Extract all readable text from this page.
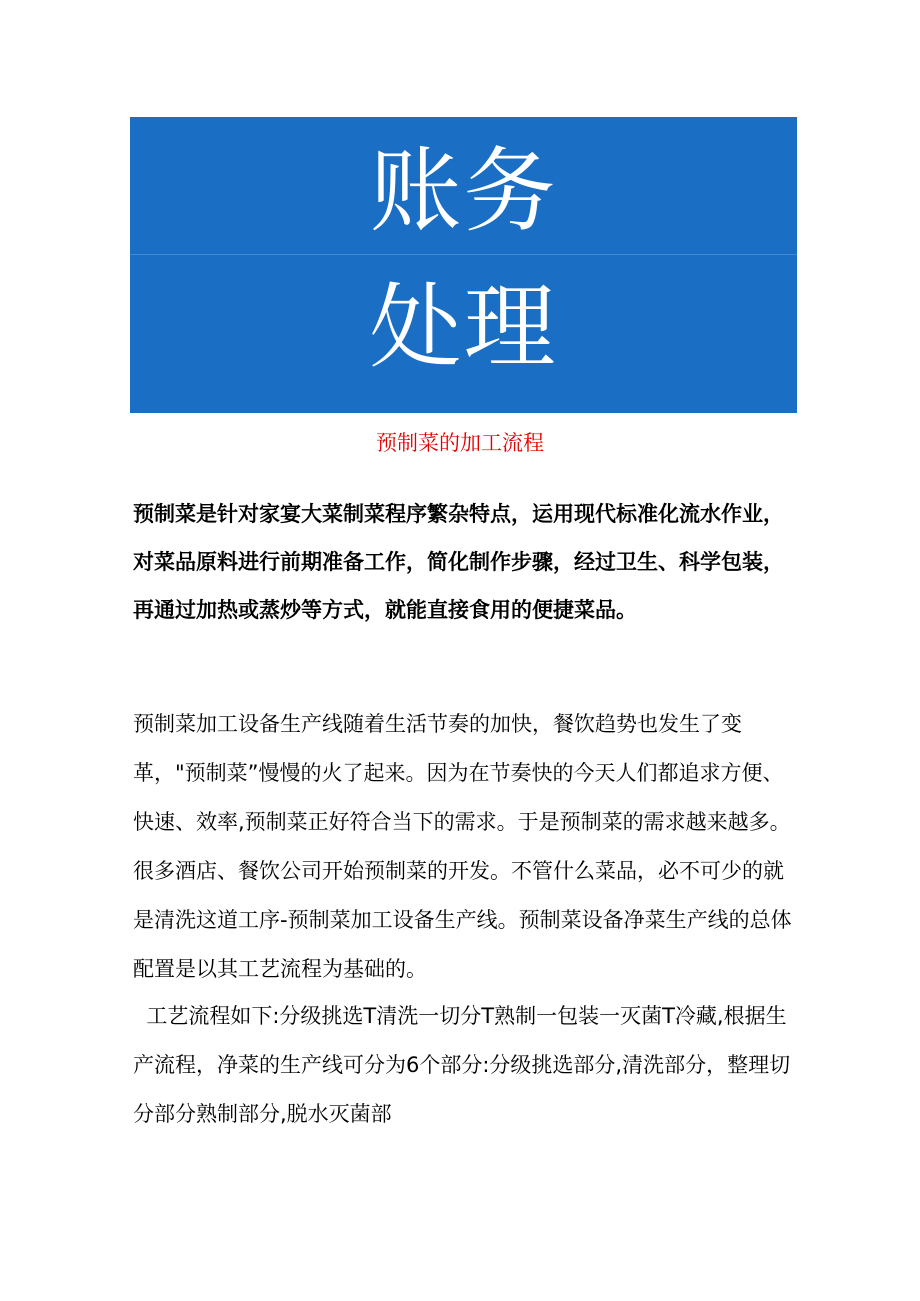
账务
处理
预制菜的加工流程

预制菜是针对家宴大菜制菜程序繁杂特点，运用现代标准化流水作业，对菜品原料进行前期准备工作，简化制作步骤，经过卫生、科学包装，再通过加热或蒸炒等方式，就能直接食用的便捷菜品。

预制菜加工设备生产线随着生活节奏的加快，餐饮趋势也发生了变革，"预制菜”慢慢的火了起来。因为在节奏快的今天人们都追求方便、快速、效率,预制菜正好符合当下的需求。于是预制菜的需求越来越多。很多酒店、餐饮公司开始预制菜的开发。不管什么菜品，必不可少的就是清洗这道工序-预制菜加工设备生产线。预制菜设备净菜生产线的总体配置是以其工艺流程为基础的。

工艺流程如下:分级挑选T清洗一切分T熟制一包装一灭菌T冷藏,根据生产流程，净菜的生产线可分为6个部分:分级挑选部分,清洗部分，整理切分部分熟制部分,脱水灭菌部
